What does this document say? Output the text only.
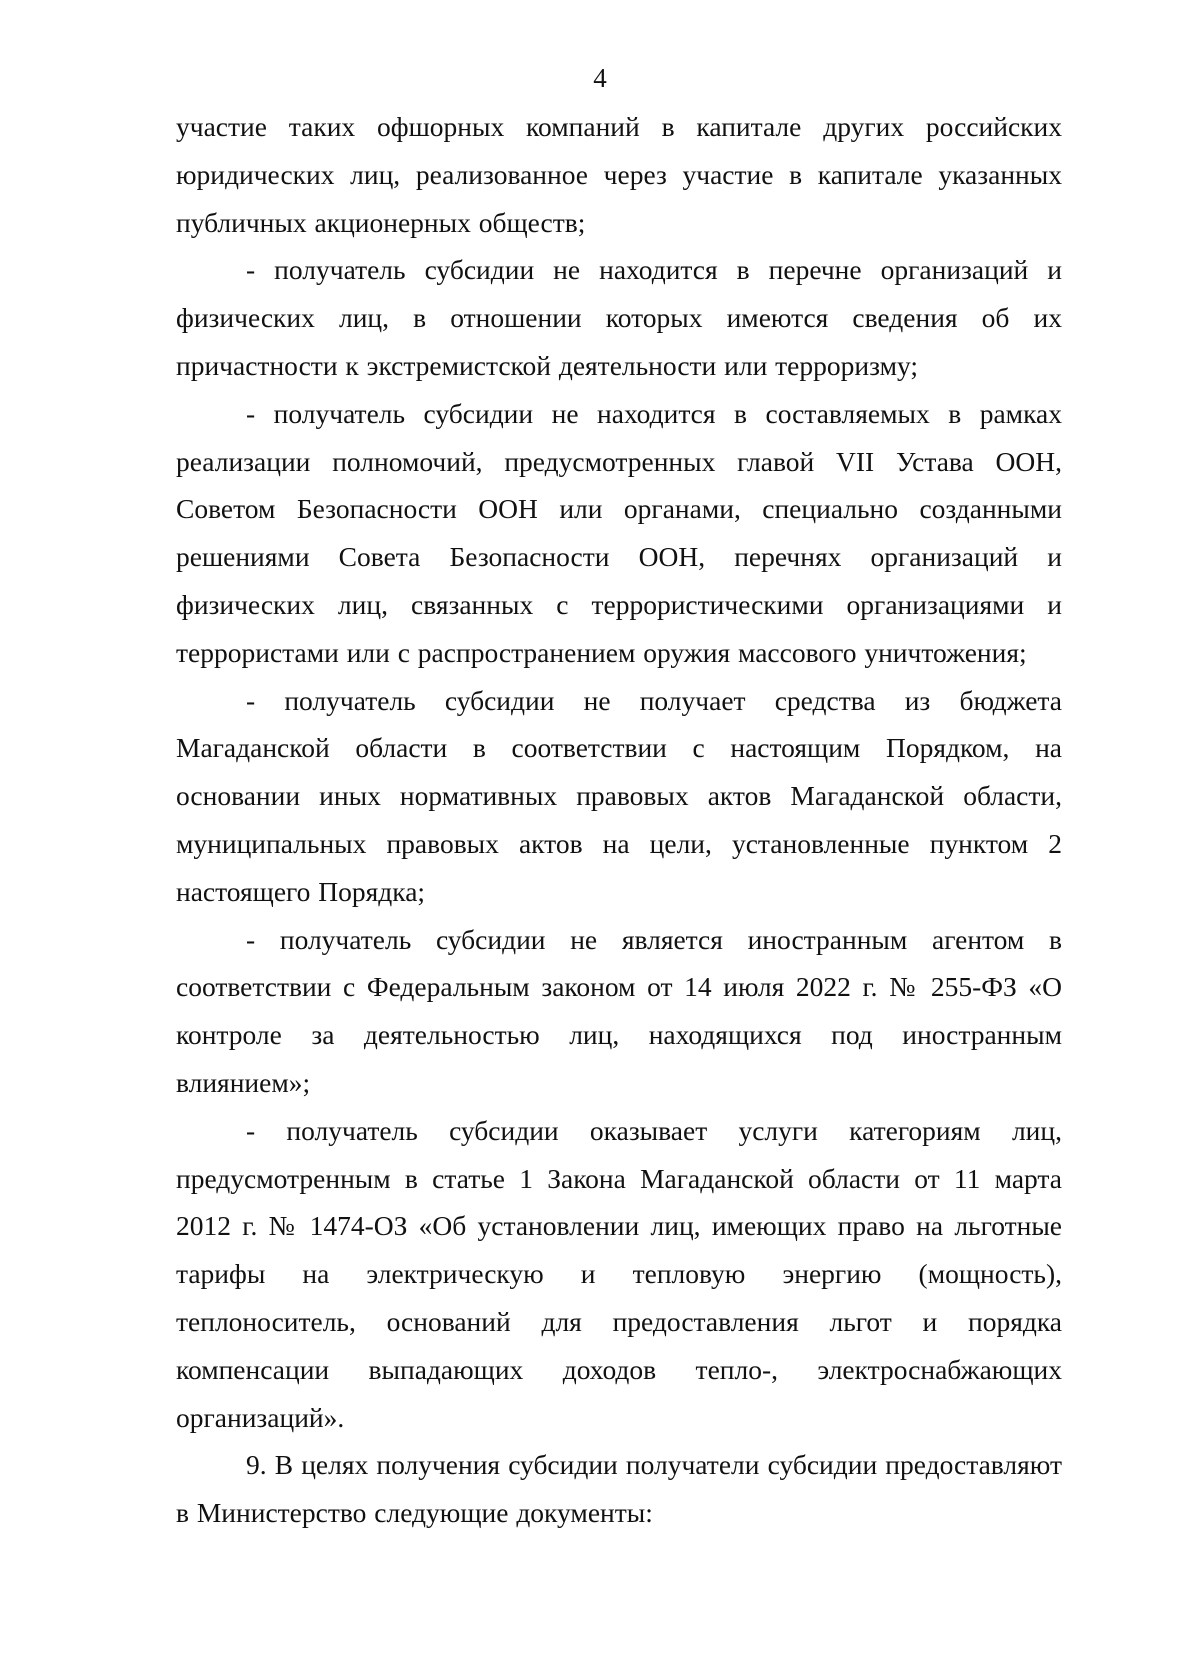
4

участие таких офшорных компаний в капитале других российских юридических лиц, реализованное через участие в капитале указанных публичных акционерных обществ;

- получатель субсидии не находится в перечне организаций и физических лиц, в отношении которых имеются сведения об их причастности к экстремистской деятельности или терроризму;

- получатель субсидии не находится в составляемых в рамках реализации полномочий, предусмотренных главой VII Устава ООН, Советом Безопасности ООН или органами, специально созданными решениями Совета Безопасности ООН, перечнях организаций и физических лиц, связанных с террористическими организациями и террористами или с распространением оружия массового уничтожения;

- получатель субсидии не получает средства из бюджета Магаданской области в соответствии с настоящим Порядком, на основании иных нормативных правовых актов Магаданской области, муниципальных правовых актов на цели, установленные пунктом 2 настоящего Порядка;

- получатель субсидии не является иностранным агентом в соответствии с Федеральным законом от 14 июля 2022 г. № 255-ФЗ «О контроле за деятельностью лиц, находящихся под иностранным влиянием»;

- получатель субсидии оказывает услуги категориям лиц, предусмотренным в статье 1 Закона Магаданской области от 11 марта 2012 г. № 1474-ОЗ «Об установлении лиц, имеющих право на льготные тарифы на электрическую и тепловую энергию (мощность), теплоноситель, оснований для предоставления льгот и порядка компенсации выпадающих доходов тепло-, электроснабжающих организаций».

9. В целях получения субсидии получатели субсидии предоставляют в Министерство следующие документы:
